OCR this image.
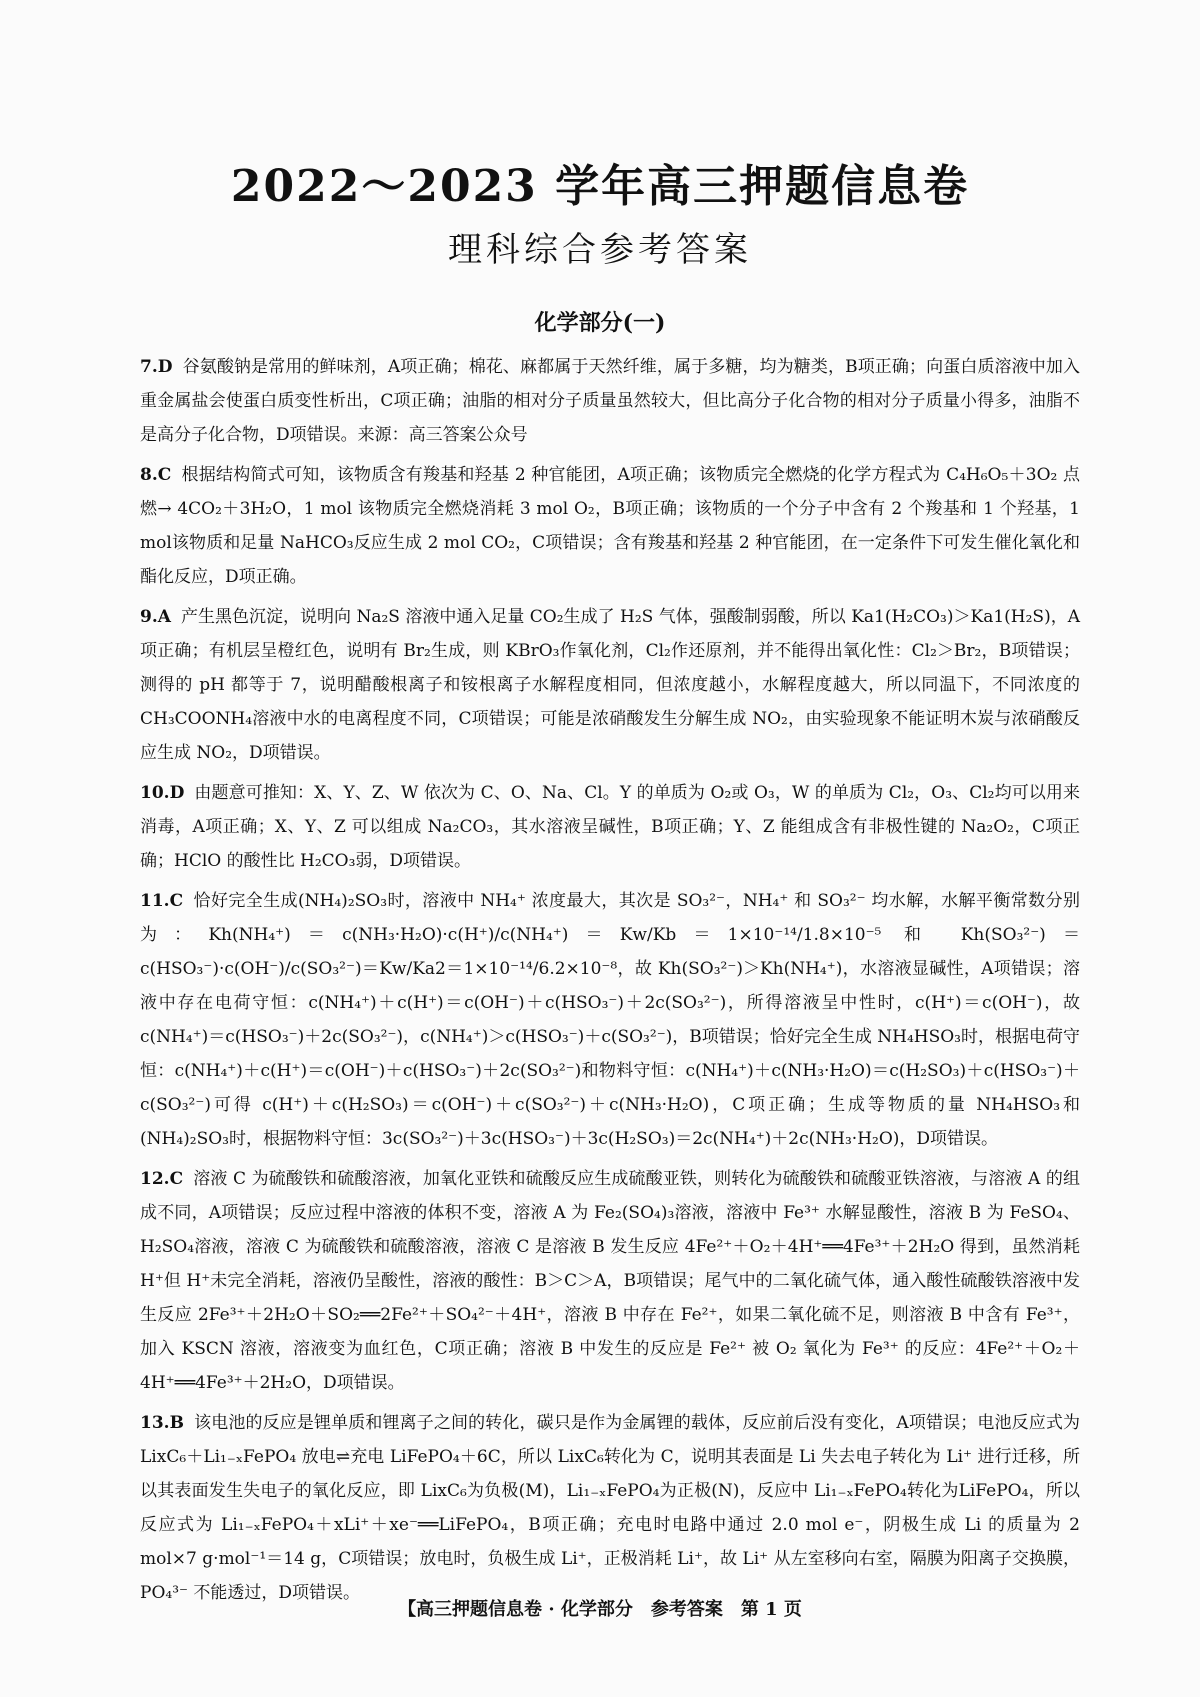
2022～2023 学年高三押题信息卷
理科综合参考答案
化学部分(一)

7.D 谷氨酸钠是常用的鲜味剂，A项正确；棉花、麻都属于天然纤维，属于多糖，均为糖类，B项正确；向蛋白质溶液中加入重金属盐会使蛋白质变性析出，C项正确；油脂的相对分子质量虽然较大，但比高分子化合物的相对分子质量小得多，油脂不是高分子化合物，D项错误。来源：高三答案公众号

8.C 根据结构简式可知，该物质含有羧基和羟基 2 种官能团，A项正确；该物质完全燃烧的化学方程式为 C₄H₆O₅＋3O₂ 点燃→ 4CO₂＋3H₂O，1 mol 该物质完全燃烧消耗 3 mol O₂，B项正确；该物质的一个分子中含有 2 个羧基和 1 个羟基，1 mol该物质和足量 NaHCO₃反应生成 2 mol CO₂，C项错误；含有羧基和羟基 2 种官能团，在一定条件下可发生催化氧化和酯化反应，D项正确。

9.A 产生黑色沉淀，说明向 Na₂S 溶液中通入足量 CO₂生成了 H₂S 气体，强酸制弱酸，所以 Ka1(H₂CO₃)＞Ka1(H₂S)，A项正确；有机层呈橙红色，说明有 Br₂生成，则 KBrO₃作氧化剂，Cl₂作还原剂，并不能得出氧化性：Cl₂＞Br₂，B项错误；测得的 pH 都等于 7，说明醋酸根离子和铵根离子水解程度相同，但浓度越小，水解程度越大，所以同温下，不同浓度的 CH₃COONH₄溶液中水的电离程度不同，C项错误；可能是浓硝酸发生分解生成 NO₂，由实验现象不能证明木炭与浓硝酸反应生成 NO₂，D项错误。

10.D 由题意可推知：X、Y、Z、W 依次为 C、O、Na、Cl。Y 的单质为 O₂或 O₃，W 的单质为 Cl₂，O₃、Cl₂均可以用来消毒，A项正确；X、Y、Z 可以组成 Na₂CO₃，其水溶液呈碱性，B项正确；Y、Z 能组成含有非极性键的 Na₂O₂，C项正确；HClO 的酸性比 H₂CO₃弱，D项错误。

11.C 恰好完全生成(NH₄)₂SO₃时，溶液中 NH₄⁺ 浓度最大，其次是 SO₃²⁻，NH₄⁺ 和 SO₃²⁻ 均水解，水解平衡常数分别为：Kh(NH₄⁺)＝c(NH₃·H₂O)·c(H⁺)/c(NH₄⁺)＝Kw/Kb＝1×10⁻¹⁴/1.8×10⁻⁵ 和 Kh(SO₃²⁻)＝c(HSO₃⁻)·c(OH⁻)/c(SO₃²⁻)＝Kw/Ka2＝1×10⁻¹⁴/6.2×10⁻⁸，故 Kh(SO₃²⁻)＞Kh(NH₄⁺)，水溶液显碱性，A项错误；溶液中存在电荷守恒：c(NH₄⁺)＋c(H⁺)＝c(OH⁻)＋c(HSO₃⁻)＋2c(SO₃²⁻)，所得溶液呈中性时，c(H⁺)＝c(OH⁻)，故 c(NH₄⁺)＝c(HSO₃⁻)＋2c(SO₃²⁻)，c(NH₄⁺)＞c(HSO₃⁻)＋c(SO₃²⁻)，B项错误；恰好完全生成 NH₄HSO₃时，根据电荷守恒：c(NH₄⁺)＋c(H⁺)＝c(OH⁻)＋c(HSO₃⁻)＋2c(SO₃²⁻)和物料守恒：c(NH₄⁺)＋c(NH₃·H₂O)＝c(H₂SO₃)＋c(HSO₃⁻)＋c(SO₃²⁻)可得 c(H⁺)＋c(H₂SO₃)＝c(OH⁻)＋c(SO₃²⁻)＋c(NH₃·H₂O)，C项正确；生成等物质的量 NH₄HSO₃和(NH₄)₂SO₃时，根据物料守恒：3c(SO₃²⁻)＋3c(HSO₃⁻)＋3c(H₂SO₃)＝2c(NH₄⁺)＋2c(NH₃·H₂O)，D项错误。

12.C 溶液 C 为硫酸铁和硫酸溶液，加氧化亚铁和硫酸反应生成硫酸亚铁，则转化为硫酸铁和硫酸亚铁溶液，与溶液 A 的组成不同，A项错误；反应过程中溶液的体积不变，溶液 A 为 Fe₂(SO₄)₃溶液，溶液中 Fe³⁺ 水解显酸性，溶液 B 为 FeSO₄、H₂SO₄溶液，溶液 C 为硫酸铁和硫酸溶液，溶液 C 是溶液 B 发生反应 4Fe²⁺＋O₂＋4H⁺══4Fe³⁺＋2H₂O 得到，虽然消耗 H⁺但 H⁺未完全消耗，溶液仍呈酸性，溶液的酸性：B＞C＞A，B项错误；尾气中的二氧化硫气体，通入酸性硫酸铁溶液中发生反应 2Fe³⁺＋2H₂O＋SO₂══2Fe²⁺＋SO₄²⁻＋4H⁺，溶液 B 中存在 Fe²⁺，如果二氧化硫不足，则溶液 B 中含有 Fe³⁺，加入 KSCN 溶液，溶液变为血红色，C项正确；溶液 B 中发生的反应是 Fe²⁺ 被 O₂ 氧化为 Fe³⁺ 的反应：4Fe²⁺＋O₂＋4H⁺══4Fe³⁺＋2H₂O，D项错误。

13.B 该电池的反应是锂单质和锂离子之间的转化，碳只是作为金属锂的载体，反应前后没有变化，A项错误；电池反应式为 LixC₆＋Li₁₋ₓFePO₄ 放电⇌充电 LiFePO₄＋6C，所以 LixC₆转化为 C，说明其表面是 Li 失去电子转化为 Li⁺ 进行迁移，所以其表面发生失电子的氧化反应，即 LixC₆为负极(M)，Li₁₋ₓFePO₄为正极(N)，反应中 Li₁₋ₓFePO₄转化为LiFePO₄，所以反应式为 Li₁₋ₓFePO₄＋xLi⁺＋xe⁻══LiFePO₄，B项正确；充电时电路中通过 2.0 mol e⁻，阴极生成 Li 的质量为 2 mol×7 g·mol⁻¹＝14 g，C项错误；放电时，负极生成 Li⁺，正极消耗 Li⁺，故 Li⁺ 从左室移向右室，隔膜为阳离子交换膜，PO₄³⁻ 不能透过，D项错误。

【高三押题信息卷 · 化学部分　参考答案　第 1 页
